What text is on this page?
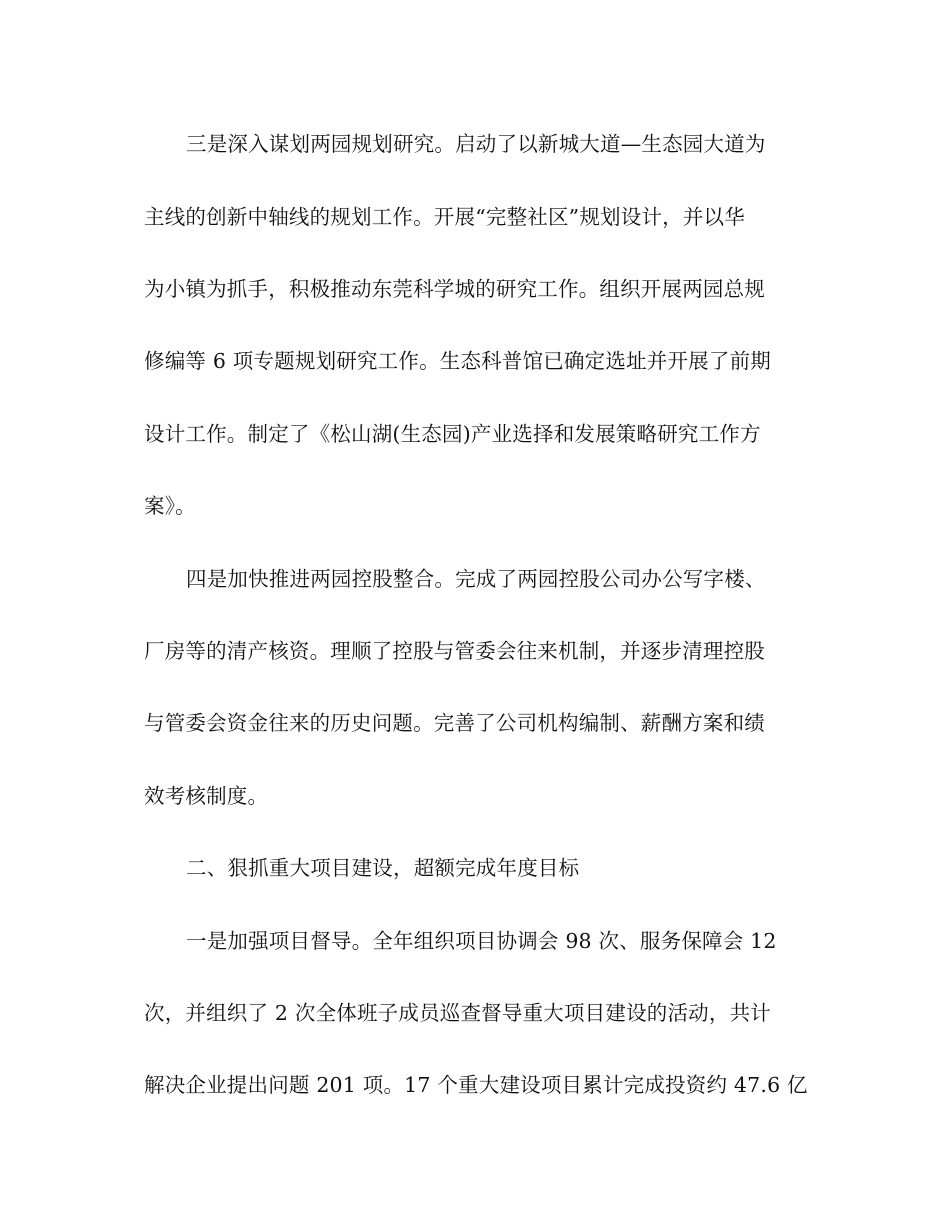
三是深入谋划两园规划研究。启动了以新城大道—生态园大道为
主线的创新中轴线的规划工作。开展“完整社区”规划设计，并以华
为小镇为抓手，积极推动东莞科学城的研究工作。组织开展两园总规
修编等 6 项专题规划研究工作。生态科普馆已确定选址并开展了前期
设计工作。制定了《松山湖(生态园)产业选择和发展策略研究工作方
案》。
四是加快推进两园控股整合。完成了两园控股公司办公写字楼、
厂房等的清产核资。理顺了控股与管委会往来机制，并逐步清理控股
与管委会资金往来的历史问题。完善了公司机构编制、薪酬方案和绩
效考核制度。
二、狠抓重大项目建设，超额完成年度目标
一是加强项目督导。全年组织项目协调会 98 次、服务保障会 12
次，并组织了 2 次全体班子成员巡查督导重大项目建设的活动，共计
解决企业提出问题 201 项。17 个重大建设项目累计完成投资约 47.6 亿
